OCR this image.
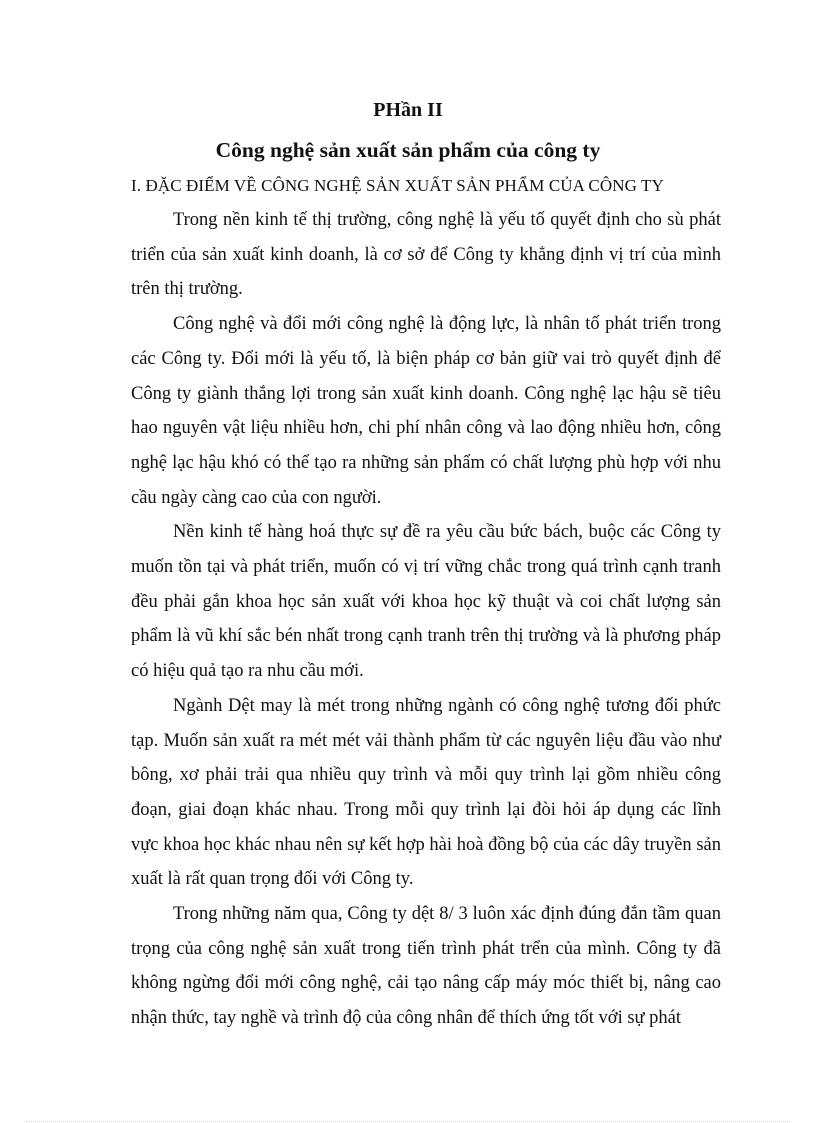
PHần II
Công nghệ sản xuất sản phẩm của công ty
I. ĐẶC ĐIỂM VỀ CÔNG NGHỆ SẢN XUẤT SẢN PHẨM CỦA CÔNG TY

Trong nền kinh tế thị trường, công nghệ là yếu tố quyết định cho sù phát triển của sản xuất kinh doanh, là cơ sở để Công ty khẳng định vị trí của mình trên thị trường.

Công nghệ và đổi mới công nghệ là động lực, là nhân tố phát triển trong các Công ty. Đổi mới là yếu tố, là biện pháp cơ bản giữ vai trò quyết định để Công ty giành thắng lợi trong sản xuất kinh doanh. Công nghệ lạc hậu sẽ tiêu hao nguyên vật liệu nhiều hơn, chi phí nhân công và lao động nhiều hơn, công nghệ lạc hậu khó có thể tạo ra những sản phẩm có chất lượng phù hợp với nhu cầu ngày càng cao của con người.

Nền kinh tế hàng hoá thực sự đề ra yêu cầu bức bách, buộc các Công ty muốn tồn tại và phát triển, muốn có vị trí vững chắc trong quá trình cạnh tranh đều phải gắn khoa học sản xuất với khoa học kỹ thuật và coi chất lượng sản phẩm là vũ khí sắc bén nhất trong cạnh tranh trên thị trường và là phương pháp có hiệu quả tạo ra nhu cầu mới.

Ngành Dệt may là mét trong những ngành có công nghệ tương đối phức tạp. Muốn sản xuất ra mét mét vải thành phẩm từ các nguyên liệu đầu vào như bông, xơ phải trải qua nhiều quy trình và mỗi quy trình lại gồm nhiều công đoạn, giai đoạn khác nhau. Trong mỗi quy trình lại đòi hỏi áp dụng các lĩnh vực khoa học khác nhau nên sự kết hợp hài hoà đồng bộ của các dây truyền sản xuất là rất quan trọng đối với Công ty.

Trong những năm qua, Công ty dệt 8/ 3 luôn xác định đúng đắn tầm quan trọng của công nghệ sản xuất trong tiến trình phát trển của mình. Công ty đã không ngừng đổi mới công nghệ, cải tạo nâng cấp máy móc thiết bị, nâng cao nhận thức, tay nghề và trình độ của công nhân để thích ứng tốt với sự phát
